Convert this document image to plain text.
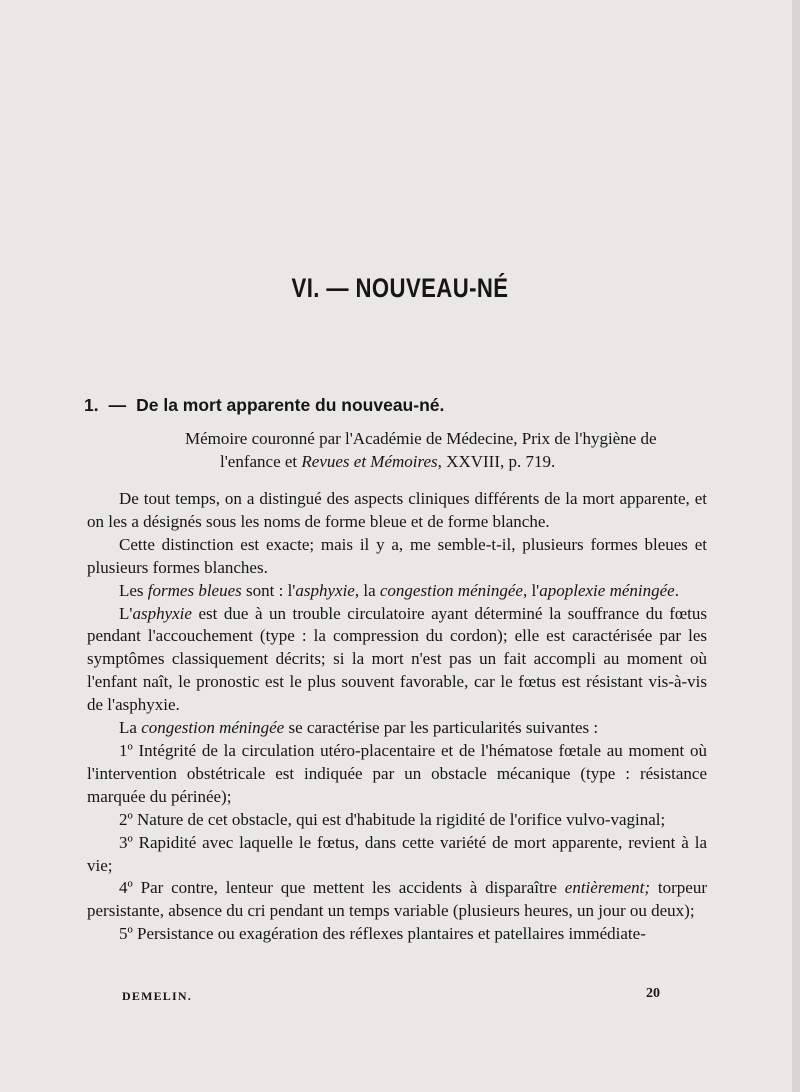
VI. — NOUVEAU-NÉ
1. — De la mort apparente du nouveau-né.
Mémoire couronné par l'Académie de Médecine, Prix de l'hygiène de
l'enfance et Revues et Mémoires, XXVIII, p. 719.

De tout temps, on a distingué des aspects cliniques différents de la mort apparente, et on les a désignés sous les noms de forme bleue et de forme blanche.

Cette distinction est exacte; mais il y a, me semble-t-il, plusieurs formes bleues et plusieurs formes blanches.

Les formes bleues sont : l'asphyxie, la congestion méningée, l'apoplexie méningée.

L'asphyxie est due à un trouble circulatoire ayant déterminé la souffrance du fœtus pendant l'accouchement (type : la compression du cordon); elle est caractérisée par les symptômes classiquement décrits; si la mort n'est pas un fait accompli au moment où l'enfant naît, le pronostic est le plus souvent favorable, car le fœtus est résistant vis-à-vis de l'asphyxie.

La congestion méningée se caractérise par les particularités suivantes :

1º Intégrité de la circulation utéro-placentaire et de l'hématose fœtale au moment où l'intervention obstétricale est indiquée par un obstacle mécanique (type : résistance marquée du périnée);

2º Nature de cet obstacle, qui est d'habitude la rigidité de l'orifice vulvo-vaginal;

3º Rapidité avec laquelle le fœtus, dans cette variété de mort apparente, revient à la vie;

4º Par contre, lenteur que mettent les accidents à disparaître entièrement; torpeur persistante, absence du cri pendant un temps variable (plusieurs heures, un jour ou deux);

5º Persistance ou exagération des réflexes plantaires et patellaires immédiate-

DEMELIN.	20
